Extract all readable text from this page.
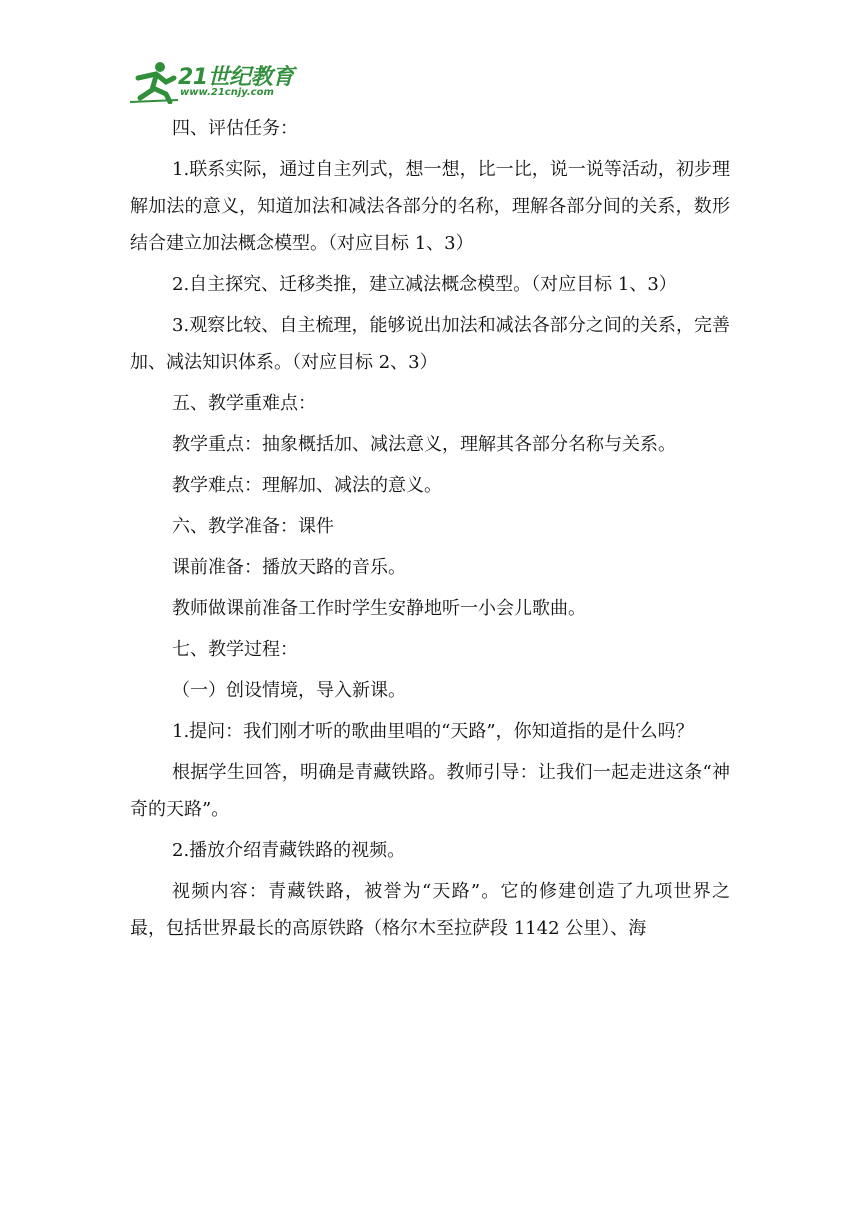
21世纪教育
www.21cnjy.com

四、评估任务：

1.联系实际，通过自主列式，想一想，比一比，说一说等活动，初步理解加法的意义，知道加法和减法各部分的名称，理解各部分间的关系，数形结合建立加法概念模型。（对应目标 1、3）

2.自主探究、迁移类推，建立减法概念模型。（对应目标 1、3）

3.观察比较、自主梳理，能够说出加法和减法各部分之间的关系，完善加、减法知识体系。（对应目标 2、3）

五、教学重难点：

教学重点：抽象概括加、减法意义，理解其各部分名称与关系。

教学难点：理解加、减法的意义。

六、教学准备：课件

课前准备：播放天路的音乐。

教师做课前准备工作时学生安静地听一小会儿歌曲。

七、教学过程：

（一）创设情境，导入新课。

1.提问：我们刚才听的歌曲里唱的“天路”，你知道指的是什么吗？

根据学生回答，明确是青藏铁路。教师引导：让我们一起走进这条“神奇的天路”。

2.播放介绍青藏铁路的视频。

视频内容：青藏铁路，被誉为“天路”。它的修建创造了九项世界之最，包括世界最长的高原铁路（格尔木至拉萨段 1142 公里）、海
